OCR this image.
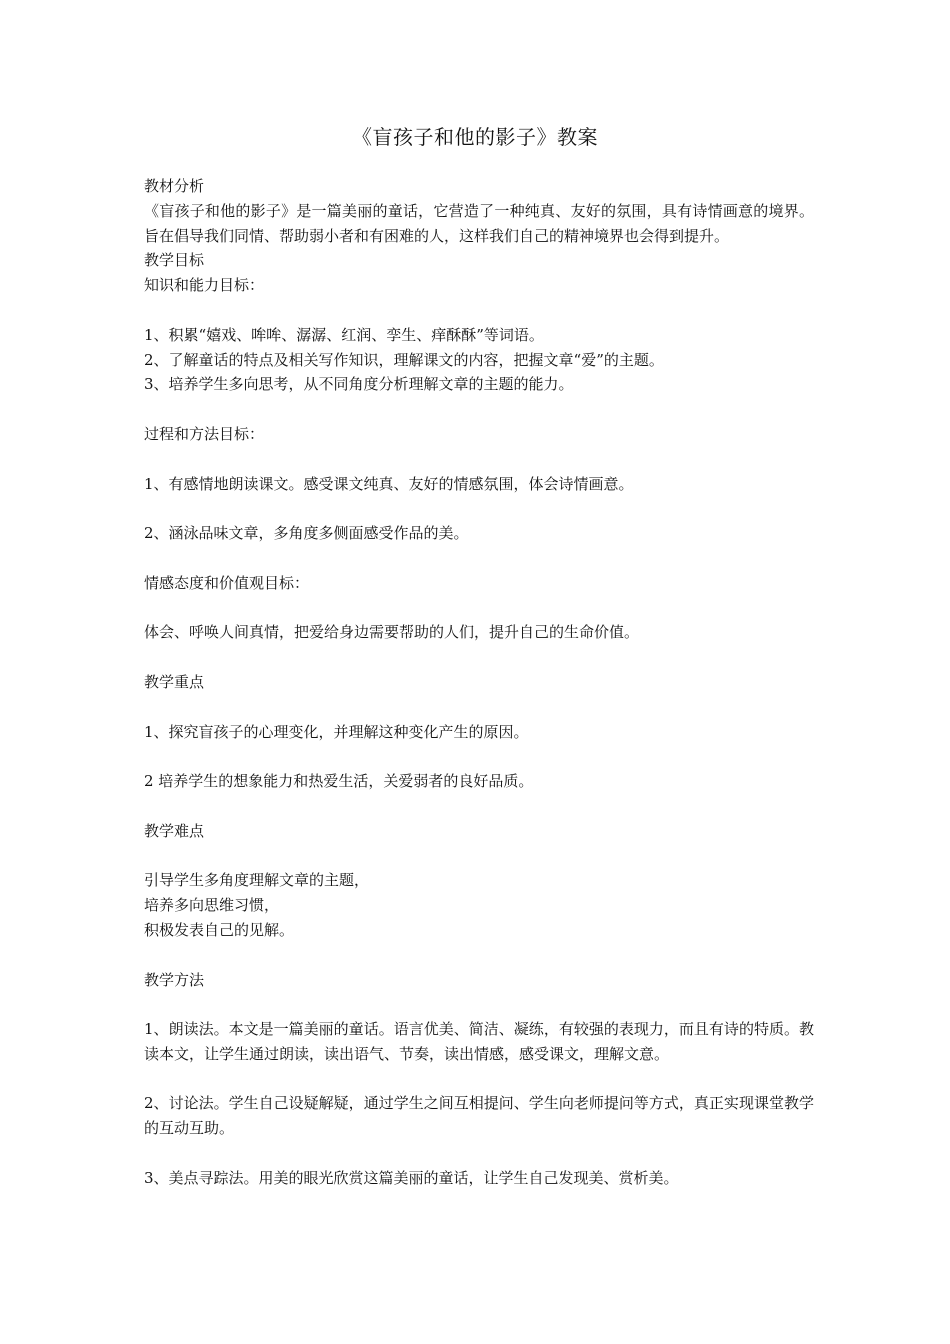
《盲孩子和他的影子》教案

教材分析

《盲孩子和他的影子》是一篇美丽的童话，它营造了一种纯真、友好的氛围，具有诗情画意的境界。旨在倡导我们同情、帮助弱小者和有困难的人，这样我们自己的精神境界也会得到提升。

教学目标

知识和能力目标：

1、积累“嬉戏、哞哞、潺潺、红润、孪生、痒酥酥”等词语。

2、了解童话的特点及相关写作知识，理解课文的内容，把握文章“爱”的主题。

3、培养学生多向思考，从不同角度分析理解文章的主题的能力。

过程和方法目标：

1、有感情地朗读课文。感受课文纯真、友好的情感氛围，体会诗情画意。

2、涵泳品味文章，多角度多侧面感受作品的美。

情感态度和价值观目标：

体会、呼唤人间真情，把爱给身边需要帮助的人们，提升自己的生命价值。

教学重点

1、探究盲孩子的心理变化，并理解这种变化产生的原因。

2 培养学生的想象能力和热爱生活，关爱弱者的良好品质。

教学难点

引导学生多角度理解文章的主题，

培养多向思维习惯，

积极发表自己的见解。

教学方法

1、朗读法。本文是一篇美丽的童话。语言优美、简洁、凝练，有较强的表现力，而且有诗的特质。教读本文，让学生通过朗读，读出语气、节奏，读出情感，感受课文，理解文意。

2、讨论法。学生自己设疑解疑，通过学生之间互相提问、学生向老师提问等方式，真正实现课堂教学的互动互助。

3、美点寻踪法。用美的眼光欣赏这篇美丽的童话，让学生自己发现美、赏析美。
